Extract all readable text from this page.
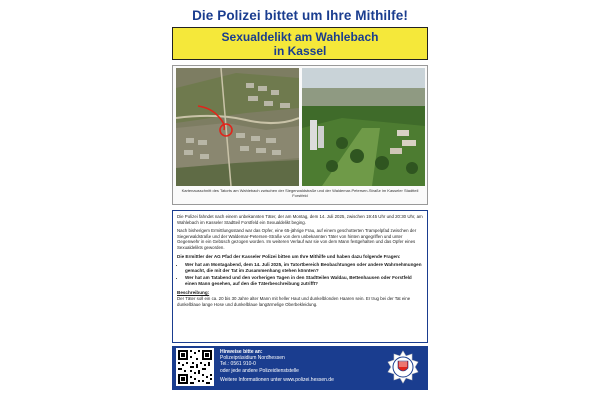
Die Polizei bittet um Ihre Mithilfe!
Sexualdelikt am Wahlebach
in Kassel
Kartenausschnitt des Tatorts am Wahlebach zwischen der Siegerwaldstraße und der Waldemar-Petersen-Straße im Kasseler Stadtteil Forstfeld

Die Polizei fahndet nach einem unbekannten Täter, der am Montag, dem 14. Juli 2025, zwischen 19:45 Uhr und 20:30 Uhr, am Wahlebach im Kasseler Stadtteil Forstfeld ein Sexualdelikt beging.

Nach bisherigem Ermittlungsstand war das Opfer, eine 65-jährige Frau, auf einem geschotterten Trampelpfad zwischen der Siegerwaldstraße und der Waldemar-Petersen-Straße von dem unbekannten Täter von hinten angegriffen und unter Gegenwehr in ein Gebüsch gezogen worden. Im weiteren Verlauf war sie von dem Mann festgehalten und das Opfer eines Sexualdelikts geworden.

Die Ermittler der AG Pfad der Kasseler Polizei bitten um Ihre Mithilfe und haben dazu folgende Fragen:

• Wer hat am Montagabend, dem 14. Juli 2025, im Tatortbereich Beobachtungen oder andere Wahrnehmungen gemacht, die mit der Tat im Zusammenhang stehen könnten?
• Wer hat am Tatabend und den vorherigen Tagen in den Stadtteilen Waldau, Bettenhausen oder Forstfeld einen Mann gesehen, auf den die Täterbeschreibung zutrifft?
Beschreibung:
Der Täter soll ein ca. 20 bis 30 Jahre alter Mann mit heller Haut und dunkelblonden Haaren sein. Er trug bei der Tat eine dunkelblaue lange Hose und dunkelblaue langärmelige Oberbekleidung.
Hinweise bitte an:
Polizeipräsidium Nordhessen
Tel.: 0561 910-0
oder jede andere Polizeidienststelle
Weitere Informationen unter www.polizei.hessen.de
